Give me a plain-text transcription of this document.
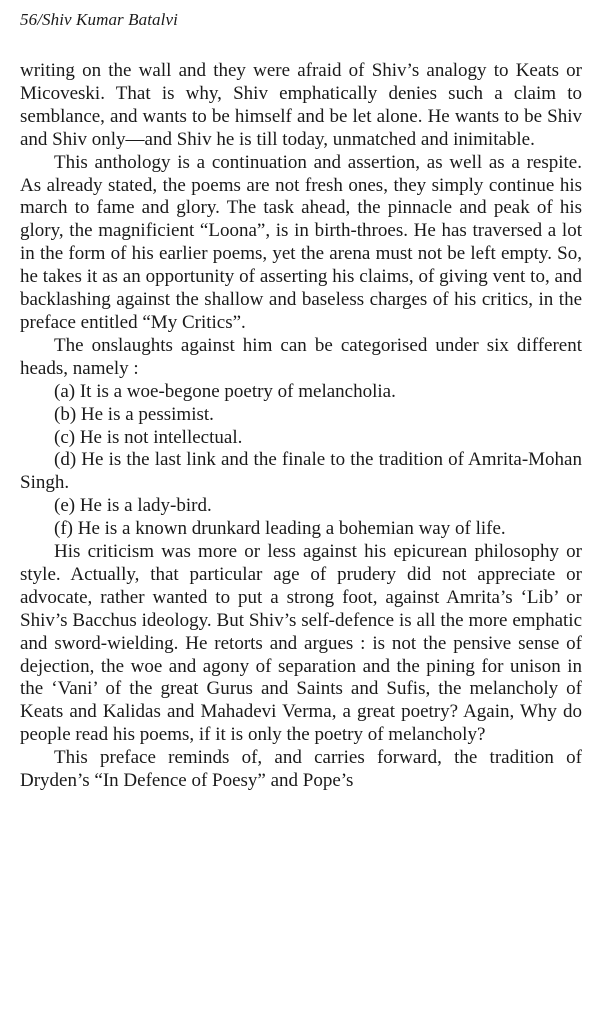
56/Shiv Kumar Batalvi

writing on the wall and they were afraid of Shiv’s analogy to Keats or Micoveski. That is why, Shiv emphatically denies such a claim to semblance, and wants to be himself and be let alone. He wants to be Shiv and Shiv only—and Shiv he is till today, unmatched and inimitable.

This anthology is a continuation and assertion, as well as a respite. As already stated, the poems are not fresh ones, they simply continue his march to fame and glory. The task ahead, the pinnacle and peak of his glory, the magnificient “Loona”, is in birth-throes. He has traversed a lot in the form of his earlier poems, yet the arena must not be left empty. So, he takes it as an opportunity of asserting his claims, of giving vent to, and backlashing against the shallow and baseless charges of his critics, in the preface entitled “My Critics”.

The onslaughts against him can be categorised under six different heads, namely :

(a) It is a woe-begone poetry of melancholia.

(b) He is a pessimist.

(c) He is not intellectual.

(d) He is the last link and the finale to the tradition of Amrita-Mohan Singh.

(e) He is a lady-bird.

(f) He is a known drunkard leading a bohemian way of life.

His criticism was more or less against his epicurean philosophy or style. Actually, that particular age of prudery did not appreciate or advocate, rather wanted to put a strong foot, against Amrita’s ‘Lib’ or Shiv’s Bacchus ideology. But Shiv’s self-defence is all the more emphatic and sword-wielding. He retorts and argues : is not the pensive sense of dejection, the woe and agony of separation and the pining for unison in the ‘Vani’ of the great Gurus and Saints and Sufis, the melancholy of Keats and Kalidas and Mahadevi Verma, a great poetry? Again, Why do people read his poems, if it is only the poetry of melancholy?

This preface reminds of, and carries forward, the tradition of Dryden’s “In Defence of Poesy” and Pope’s
